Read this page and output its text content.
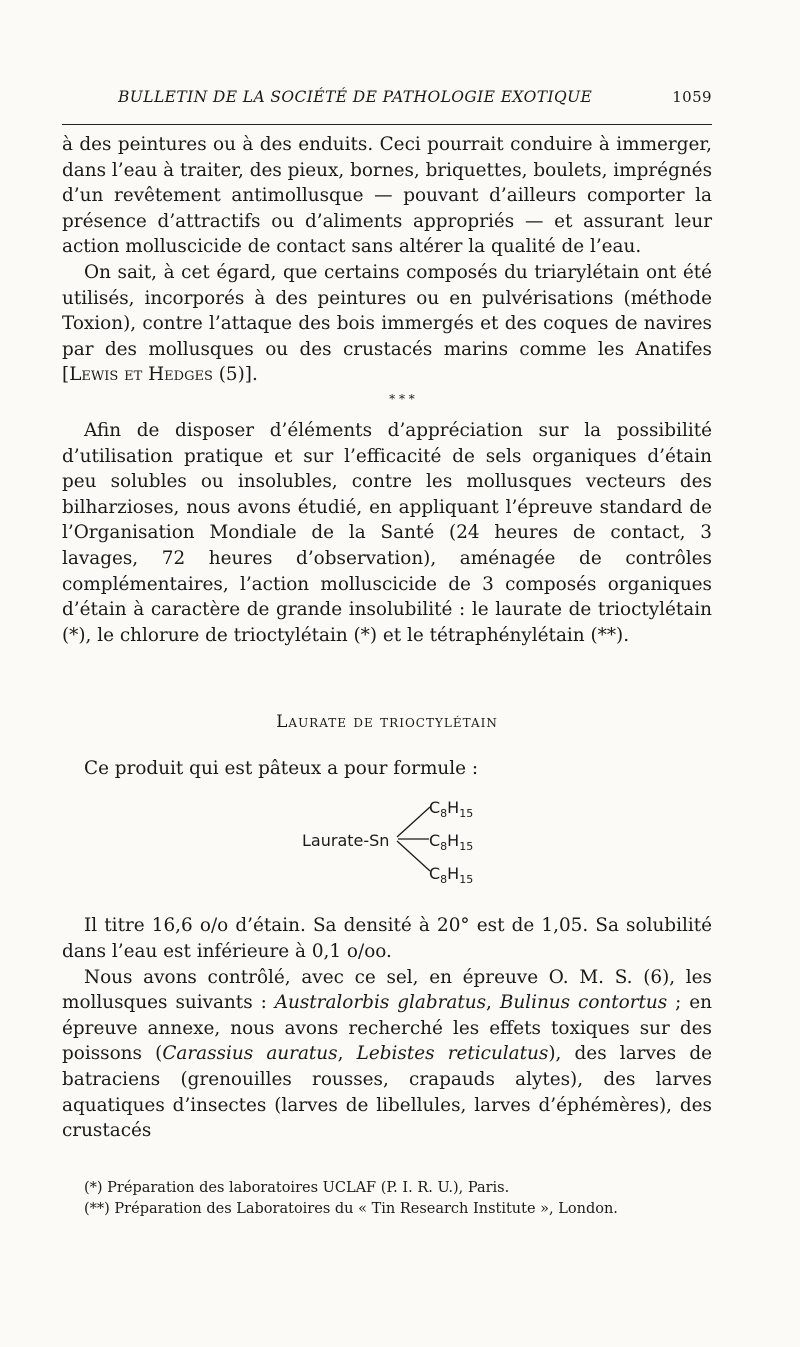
BULLETIN DE LA SOCIÉTÉ DE PATHOLOGIE EXOTIQUE	1059

à des peintures ou à des enduits. Ceci pourrait conduire à immerger, dans l’eau à traiter, des pieux, bornes, briquettes, boulets, imprégnés d’un revêtement antimollusque — pouvant d’ailleurs comporter la présence d’attractifs ou d’aliments appropriés — et assurant leur action molluscicide de contact sans altérer la qualité de l’eau.

On sait, à cet égard, que certains composés du triarylétain ont été utilisés, incorporés à des peintures ou en pulvérisations (méthode Toxion), contre l’attaque des bois immergés et des coques de navires par des mollusques ou des crustacés marins comme les Anatifes [Lewis et Hedges (5)].

* * *

Afin de disposer d’éléments d’appréciation sur la possibilité d’utilisation pratique et sur l’efficacité de sels organiques d’étain peu solubles ou insolubles, contre les mollusques vecteurs des bilharzioses, nous avons étudié, en appliquant l’épreuve standard de l’Organisation Mondiale de la Santé (24 heures de contact, 3 lavages, 72 heures d’observation), aménagée de contrôles complémentaires, l’action molluscicide de 3 composés organiques d’étain à caractère de grande insolubilité : le laurate de trioctylétain (*), le chlorure de trioctylétain (*) et le tétraphénylétain (**).

Laurate de trioctylétain

Ce produit qui est pâteux a pour formule :

Laurate-Sn
$C_8H_{15}$
$C_8H_{15}$
$C_8H_{15}$

Il titre 16,6 o/o d’étain. Sa densité à 20° est de 1,05. Sa solubilité dans l’eau est inférieure à 0,1 o/oo.

Nous avons contrôlé, avec ce sel, en épreuve O. M. S. (6), les mollusques suivants : Australorbis glabratus, Bulinus contortus ; en épreuve annexe, nous avons recherché les effets toxiques sur des poissons (Carassius auratus, Lebistes reticulatus), des larves de batraciens (grenouilles rousses, crapauds alytes), des larves aquatiques d’insectes (larves de libellules, larves d’éphémères), des crustacés

(*) Préparation des laboratoires UCLAF (P. I. R. U.), Paris.

(**) Préparation des Laboratoires du « Tin Research Institute », London.
